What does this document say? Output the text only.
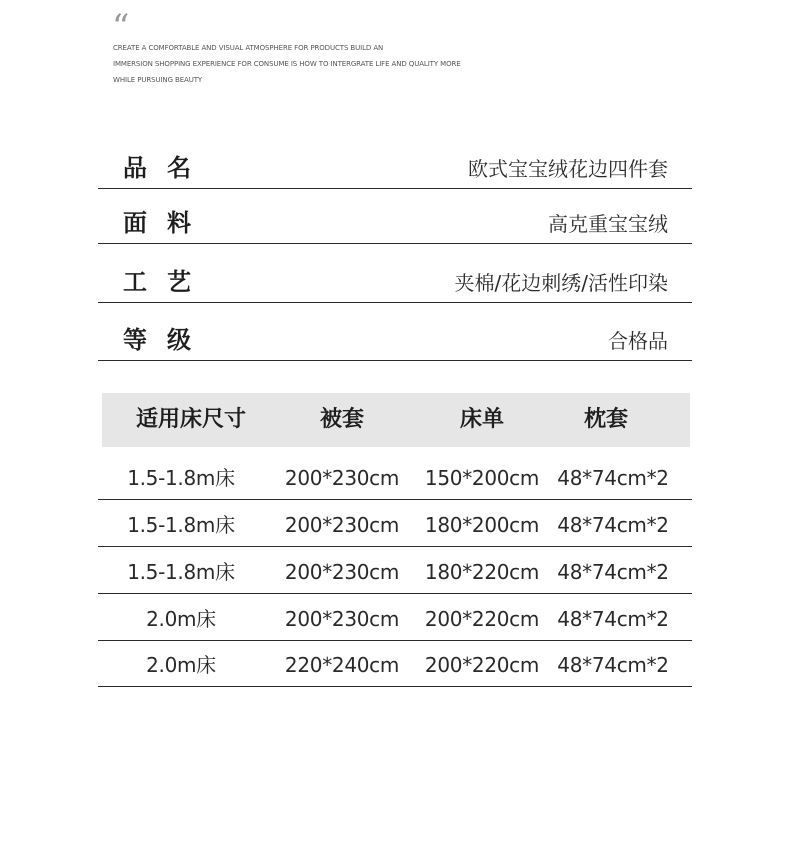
“
CREATE A COMFORTABLE AND VISUAL ATMOSPHERE FOR PRODUCTS BUILD AN
IMMERSION SHOPPING EXPERIENCE FOR CONSUME IS HOW TO INTERGRATE LIFE AND QUALITY MORE
WHILE PURSUING BEAUTY
品名	欧式宝宝绒花边四件套
面料	高克重宝宝绒
工艺	夹棉/花边刺绣/活性印染
等级	合格品
适用床尺寸	被套	床单	枕套
1.5-1.8m床	200*230cm	150*200cm 48*74cm*2
1.5-1.8m床	200*230cm	180*200cm 48*74cm*2
1.5-1.8m床	200*230cm	180*220cm 48*74cm*2
2.0m床	200*230cm	200*220cm 48*74cm*2
2.0m床	220*240cm	200*220cm 48*74cm*2
